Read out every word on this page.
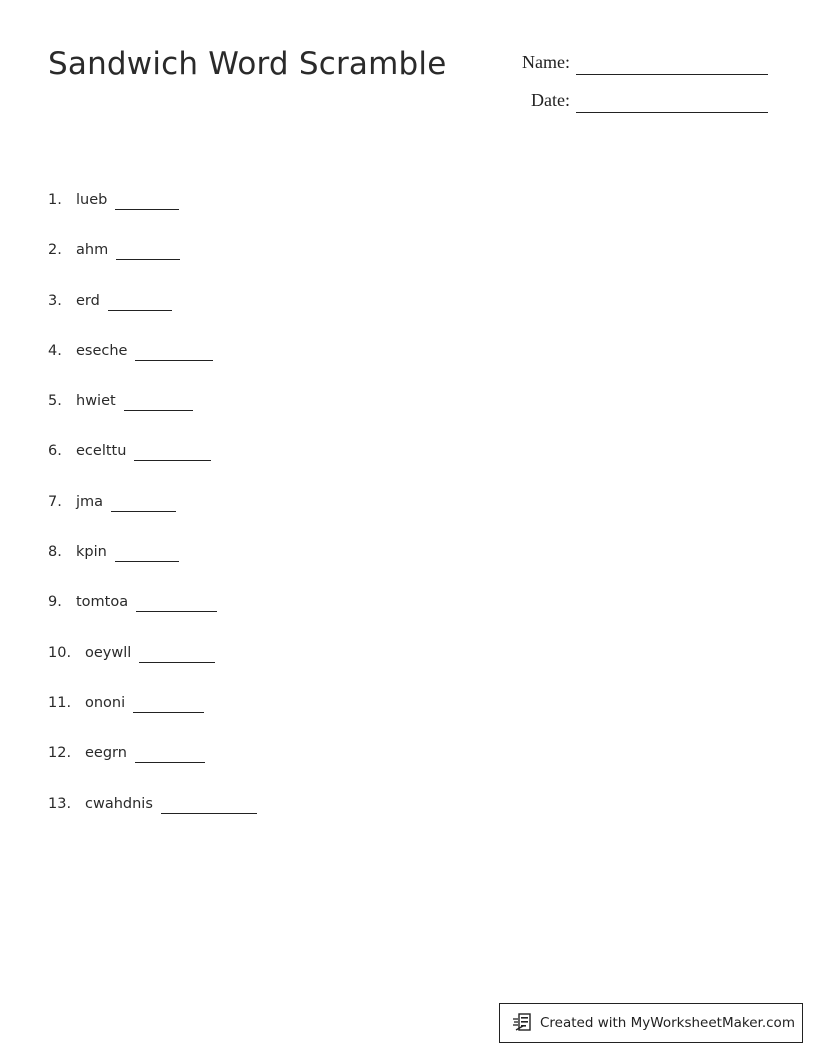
Sandwich Word Scramble	Name:
Date:
1. lueb
2. ahm
3. erd
4. eseche
5. hwiet
6. ecelttu
7. jma
8. kpin
9. tomtoa
10. oeywll
11. ononi
12. eegrn
13. cwahdnis
Created with MyWorksheetMaker.com
